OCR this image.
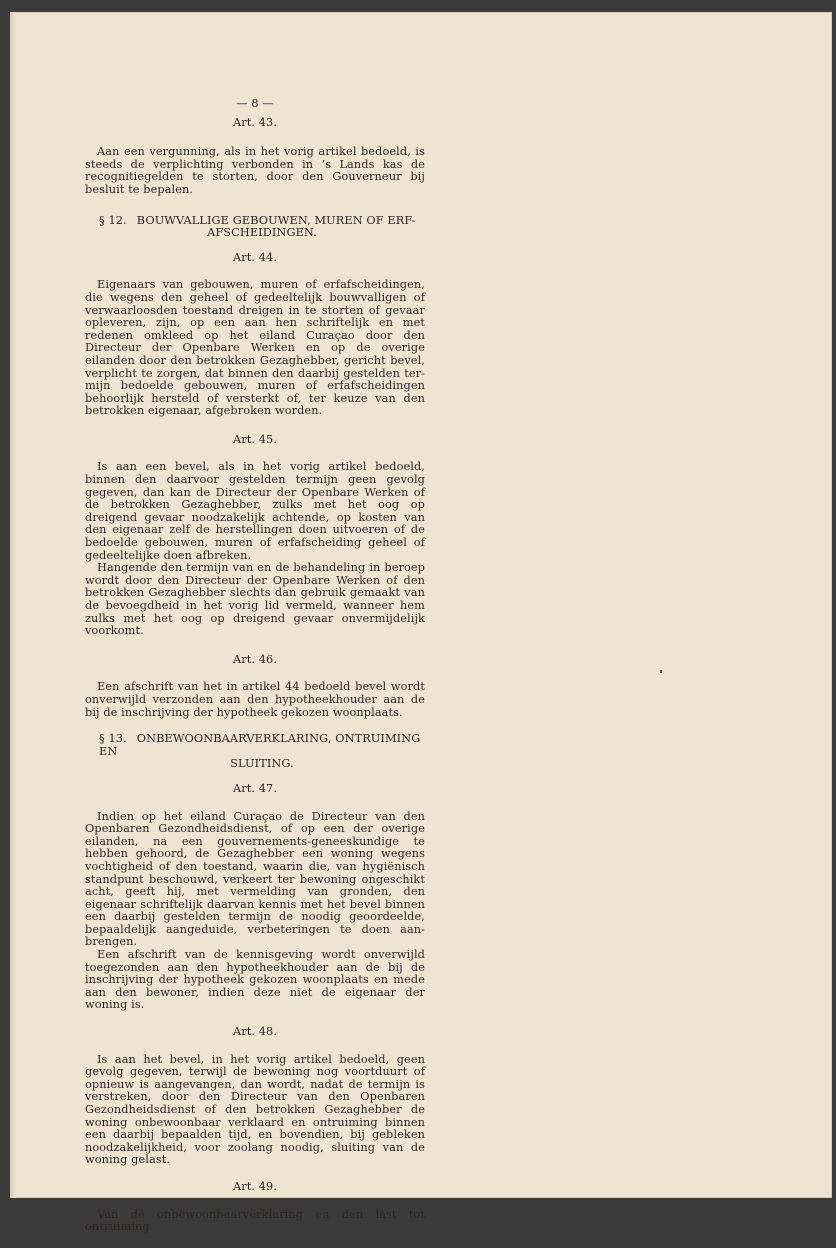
— 8 —
Art. 43.

Aan een vergunning, als in het vorig artikel bedoeld, is steeds de verplichting verbonden in ’s Lands kas de recognitiegelden te storten, door den Gouverneur bij besluit te bepalen.

§ 12. BOUWVALLIGE GEBOUWEN, MUREN OF ERF-
AFSCHEIDINGEN.
Art. 44.

Eigenaars van gebouwen, muren of erfafscheidingen, die wegens den geheel of gedeeltelijk bouwvalligen of verwaarloosden toestand dreigen in te storten of gevaar opleveren, zijn, op een aan hen schriftelijk en met redenen omkleed op het eiland Curaçao door den Directeur der Openbare Werken en op de overige eilanden door den betrokken Gezaghebber, gericht bevel, verplicht te zorgen, dat binnen den daarbij gestelden termijn bedoelde gebouwen, muren of erfafscheidingen behoorlijk hersteld of versterkt of, ter keuze van den betrokken eigenaar, afgebroken worden.

Art. 45.

Is aan een bevel, als in het vorig artikel bedoeld, binnen den daarvoor gestelden termijn geen gevolg gegeven, dan kan de Directeur der Openbare Werken of de betrokken Gezaghebber, zulks met het oog op dreigend gevaar noodzakelijk achtende, op kosten van den eigenaar zelf de herstellingen doen uitvoeren of de bedoelde gebouwen, muren of erfafscheiding geheel of gedeeltelijke doen afbreken.

Hangende den termijn van en de behandeling in beroep wordt door den Directeur der Openbare Werken of den betrokken Gezaghebber slechts dan gebruik gemaakt van de bevoegdheid in het vorig lid vermeld, wanneer hem zulks met het oog op dreigend gevaar onvermijdelijk voorkomt.

Art. 46.

Een afschrift van het in artikel 44 bedoeld bevel wordt onverwijld verzonden aan den hypotheekhouder aan de bij de inschrijving der hypotheek gekozen woonplaats.

§ 13. ONBEWOONBAARVERKLARING, ONTRUIMING EN
SLUITING.
Art. 47.

Indien op het eiland Curaçao de Directeur van den Openbaren Gezondheidsdienst, of op een der overige eilanden, na een gouvernements-geneeskundige te hebben gehoord, de Gezaghebber een woning wegens vochtigheid of den toestand, waarin die, van hygiënisch standpunt beschouwd, verkeert ter bewoning ongeschikt acht, geeft hij, met vermelding van gronden, den eigenaar schriftelijk daarvan kennis met het bevel binnen een daarbij gestelden termijn de noodig geoordeelde, bepaaldelijk aangeduide, verbeteringen te doen aanbrengen.

Een afschrift van de kennisgeving wordt onverwijld toegezonden aan den hypotheekhouder aan de bij de inschrijving der hypotheek gekozen woonplaats en mede aan den bewoner, indien deze niet de eigenaar der woning is.

Art. 48.

Is aan het bevel, in het vorig artikel bedoeld, geen gevolg gegeven, terwijl de bewoning nog voortduurt of opnieuw is aangevangen, dan wordt, nadat de termijn is verstreken, door den Directeur van den Openbaren Gezondheidsdienst of den betrokken Gezaghebber de woning onbewoonbaar verklaard en ontruiming binnen een daarbij bepaalden tijd, en bovendien, bij gebleken noodzakelijkheid, voor zoolang noodig, sluiting van de woning gelast.

Art. 49.

Van de onbewoonbaarverklaring en den last tot ontruiming
